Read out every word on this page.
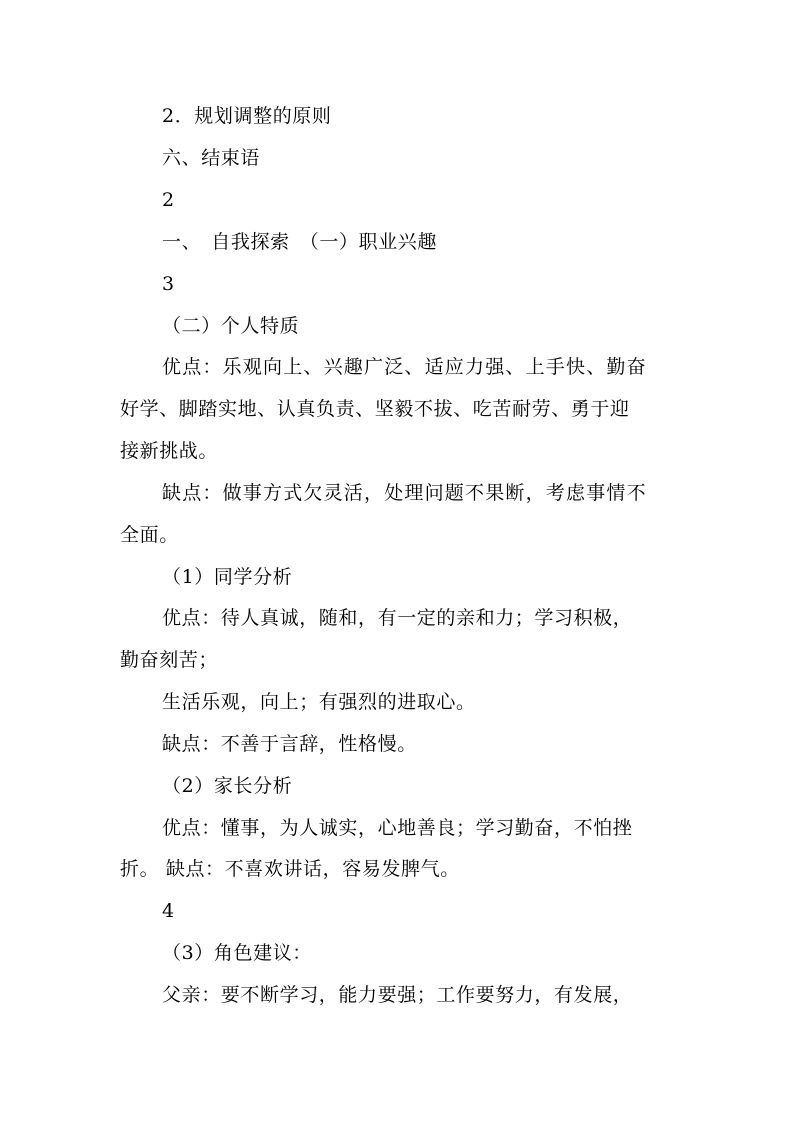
2．规划调整的原则
六、结束语
2
一、　自我探索　（一）职业兴趣
3
（二）个人特质
优点：乐观向上、兴趣广泛、适应力强、上手快、勤奋
好学、脚踏实地、认真负责、坚毅不拔、吃苦耐劳、勇于迎
接新挑战。
缺点：做事方式欠灵活，处理问题不果断，考虑事情不
全面。
（1）同学分析
优点：待人真诚，随和，有一定的亲和力；学习积极，
勤奋刻苦；
生活乐观，向上；有强烈的进取心。
缺点：不善于言辞，性格慢。
（2）家长分析
优点：懂事，为人诚实，心地善良；学习勤奋，不怕挫
折。 缺点：不喜欢讲话，容易发脾气。
4
（3）角色建议：
父亲：要不断学习，能力要强；工作要努力，有发展，
